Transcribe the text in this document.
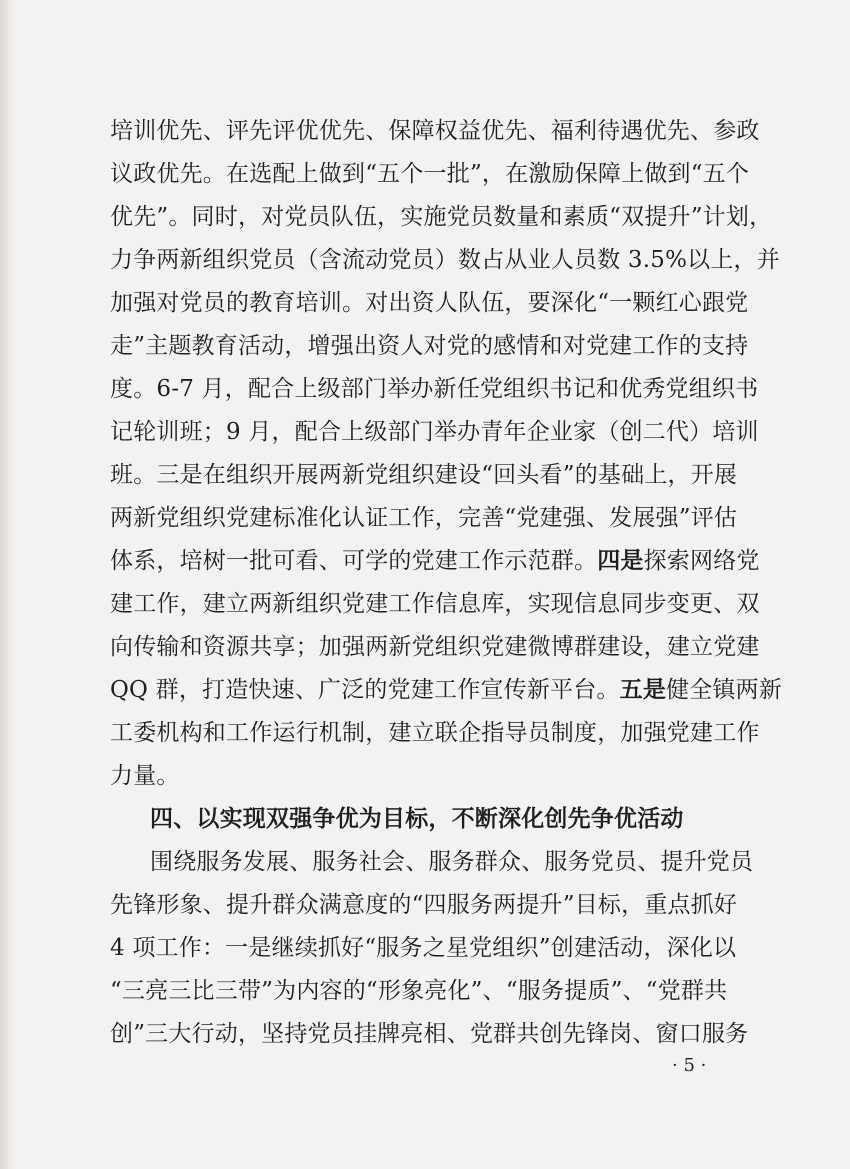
培训优先、评先评优优先、保障权益优先、福利待遇优先、参政
议政优先。在选配上做到“五个一批”，在激励保障上做到“五个
优先”。同时，对党员队伍，实施党员数量和素质“双提升”计划，
力争两新组织党员（含流动党员）数占从业人员数 3.5%以上，并
加强对党员的教育培训。对出资人队伍，要深化“一颗红心跟党
走”主题教育活动，增强出资人对党的感情和对党建工作的支持
度。6-7 月，配合上级部门举办新任党组织书记和优秀党组织书
记轮训班；9 月，配合上级部门举办青年企业家（创二代）培训
班。三是在组织开展两新党组织建设“回头看”的基础上，开展
两新党组织党建标准化认证工作，完善“党建强、发展强”评估
体系，培树一批可看、可学的党建工作示范群。四是探索网络党
建工作，建立两新组织党建工作信息库，实现信息同步变更、双
向传输和资源共享；加强两新党组织党建微博群建设，建立党建
QQ 群，打造快速、广泛的党建工作宣传新平台。五是健全镇两新
工委机构和工作运行机制，建立联企指导员制度，加强党建工作
力量。
四、以实现双强争优为目标，不断深化创先争优活动
围绕服务发展、服务社会、服务群众、服务党员、提升党员
先锋形象、提升群众满意度的“四服务两提升”目标，重点抓好
4 项工作：一是继续抓好“服务之星党组织”创建活动，深化以
“三亮三比三带”为内容的“形象亮化”、“服务提质”、“党群共
创”三大行动，坚持党员挂牌亮相、党群共创先锋岗、窗口服务
· 5 ·
